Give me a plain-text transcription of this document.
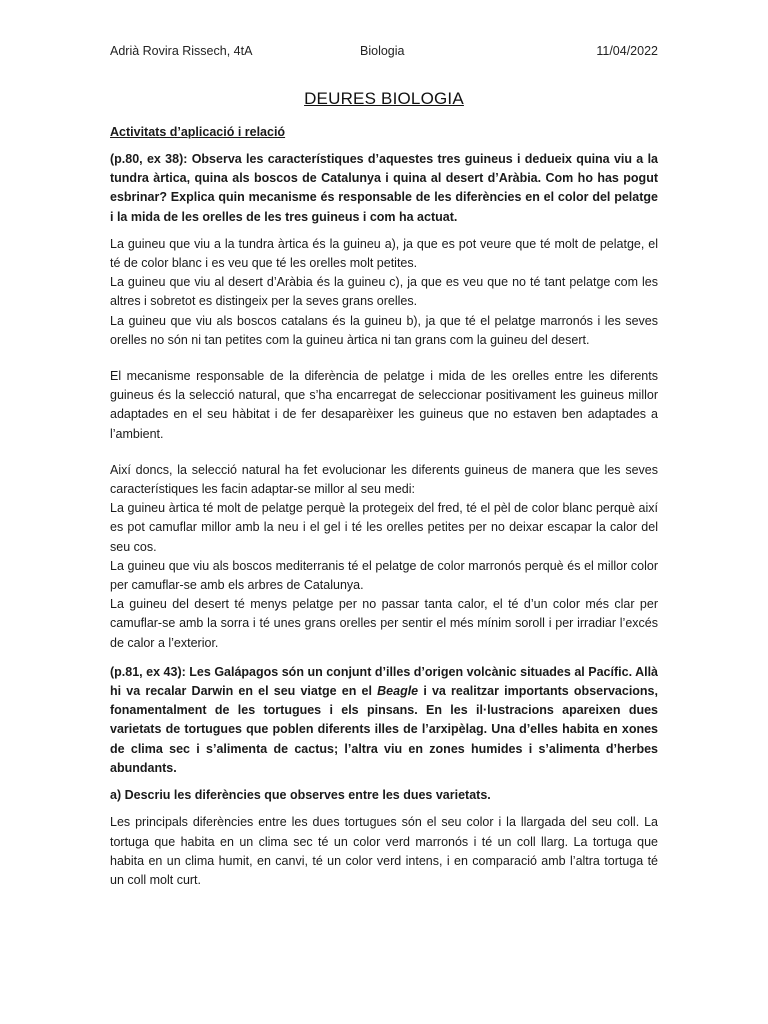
Adrià Rovira Rissech, 4tA	Biologia	11/04/2022
DEURES BIOLOGIA
Activitats d’aplicació i relació

(p.80, ex 38): Observa les característiques d’aquestes tres guineus i dedueix quina viu a la tundra àrtica, quina als boscos de Catalunya i quina al desert d’Aràbia. Com ho has pogut esbrinar? Explica quin mecanisme és responsable de les diferències en el color del pelatge i la mida de les orelles de les tres guineus i com ha actuat.

La guineu que viu a la tundra àrtica és la guineu a), ja que es pot veure que té molt de pelatge, el té de color blanc i es veu que té les orelles molt petites.

La guineu que viu al desert d’Aràbia és la guineu c), ja que es veu que no té tant pelatge com les altres i sobretot es distingeix per la seves grans orelles.

La guineu que viu als boscos catalans és la guineu b), ja que té el pelatge marronós i les seves orelles no són ni tan petites com la guineu àrtica ni tan grans com la guineu del desert.

El mecanisme responsable de la diferència de pelatge i mida de les orelles entre les diferents guineus és la selecció natural, que s’ha encarregat de seleccionar positivament les guineus millor adaptades en el seu hàbitat i de fer desaparèixer les guineus que no estaven ben adaptades a l’ambient.

Així doncs, la selecció natural ha fet evolucionar les diferents guineus de manera que les seves característiques les facin adaptar-se millor al seu medi:

La guineu àrtica té molt de pelatge perquè la protegeix del fred, té el pèl de color blanc perquè així es pot camuflar millor amb la neu i el gel i té les orelles petites per no deixar escapar la calor del seu cos.

La guineu que viu als boscos mediterranis té el pelatge de color marronós perquè és el millor color per camuflar-se amb els arbres de Catalunya.

La guineu del desert té menys pelatge per no passar tanta calor, el té d’un color més clar per camuflar-se amb la sorra i té unes grans orelles per sentir el més mínim soroll i per irradiar l’excés de calor a l’exterior.

(p.81, ex 43): Les Galápagos són un conjunt d’illes d’origen volcànic situades al Pacífic. Allà hi va recalar Darwin en el seu viatge en el Beagle i va realitzar importants observacions, fonamentalment de les tortugues i els pinsans. En les il·lustracions apareixen dues varietats de tortugues que poblen diferents illes de l’arxipèlag. Una d’elles habita en xones de clima sec i s’alimenta de cactus; l’altra viu en zones humides i s’alimenta d’herbes abundants.

a) Descriu les diferències que observes entre les dues varietats.

Les principals diferències entre les dues tortugues són el seu color i la llargada del seu coll. La tortuga que habita en un clima sec té un color verd marronós i té un coll llarg. La tortuga que habita en un clima humit, en canvi, té un color verd intens, i en comparació amb l’altra tortuga té un coll molt curt.
